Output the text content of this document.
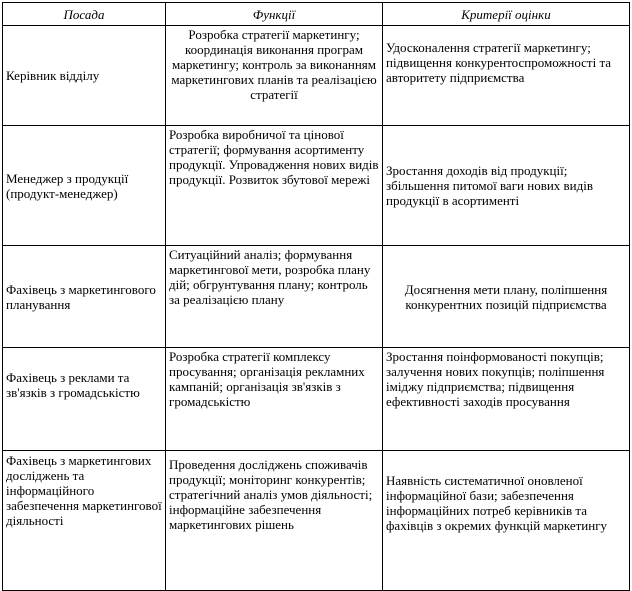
Посада	Функції	Критерії оцінки
Керівник відділу	Розробка стратегії маркетингу; координація виконання програм маркетингу; контроль за виконанням маркетингових планів та реалізацією стратегії	Удосконалення стратегії маркетингу; підвищення конкурентоспроможності та авторитету підприємства
Менеджер з продукції (продукт-менеджер)	Розробка виробничої та цінової стратегії; формування асортименту продукції. Упровадження нових видів продукції. Розвиток збутової мережі	Зростання доходів від продукції; збільшення питомої ваги нових видів продукції в асортименті
Фахівець з маркетингового планування	Ситуаційний аналіз; формування маркетингової мети, розробка плану дій; обгрунтування плану; контроль за реалізацією плану	Досягнення мети плану, поліпшення конкурентних позицій підприємства
Фахівець з реклами та зв'язків з громадськістю	Розробка стратегії комплексу просування; організація рекламних кампаній; організація зв'язків з громадськістю	Зростання поінформованості покупців; залучення нових покупців; поліпшення іміджу підприємства; підвищення ефективності заходів просування
Фахівець з маркетингових досліджень та інформаційного забезпечення маркетингової діяльності	Проведення досліджень споживачів продукції; моніторинг конкурентів; стратегічний аналіз умов діяльності; інформаційне забезпечення маркетингових рішень	Наявність систематичної оновленої інформаційної бази; забезпечення інформаційних потреб керівників та фахівців з окремих функцій маркетингу
